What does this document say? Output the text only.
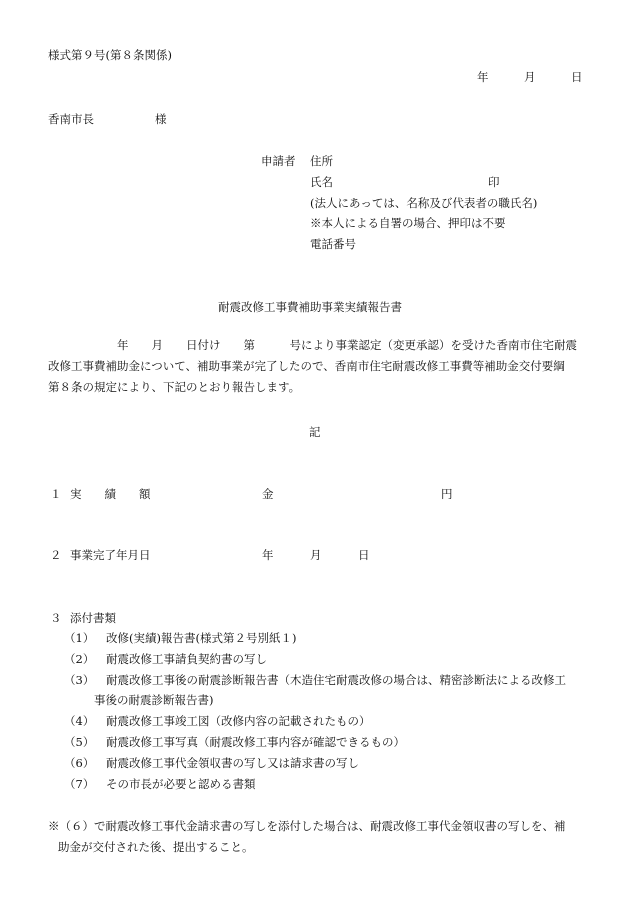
様式第９号(第８条関係)
年	月	日
香南市長	様
申請者 住所
氏名	印
(法人にあっては、名称及び代表者の職氏名)
※本人による自署の場合、押印は不要
電話番号
耐震改修工事費補助事業実績報告書
　　　　　　年　　月　　日付け　　第　　　号により事業認定（変更承認）を受けた香南市住宅耐震
改修工事費補助金について、補助事業が完了したので、香南市住宅耐震改修工事費等補助金交付要綱
第８条の規定により、下記のとおり報告します。
記
１ 実　　績　　額	金	円
２ 事業完了年月日	年	月	日
３ 添付書類
（1） 改修(実績)報告書(様式第２号別紙１)
（2） 耐震改修工事請負契約書の写し
（3） 耐震改修工事後の耐震診断報告書（木造住宅耐震改修の場合は、精密診断法による改修工
事後の耐震診断報告書)
（4） 耐震改修工事竣工図（改修内容の記載されたもの）
（5） 耐震改修工事写真（耐震改修工事内容が確認できるもの）
（6） 耐震改修工事代金領収書の写し又は請求書の写し
（7） その市長が必要と認める書類
※（６）で耐震改修工事代金請求書の写しを添付した場合は、耐震改修工事代金領収書の写しを、補
助金が交付された後、提出すること。
